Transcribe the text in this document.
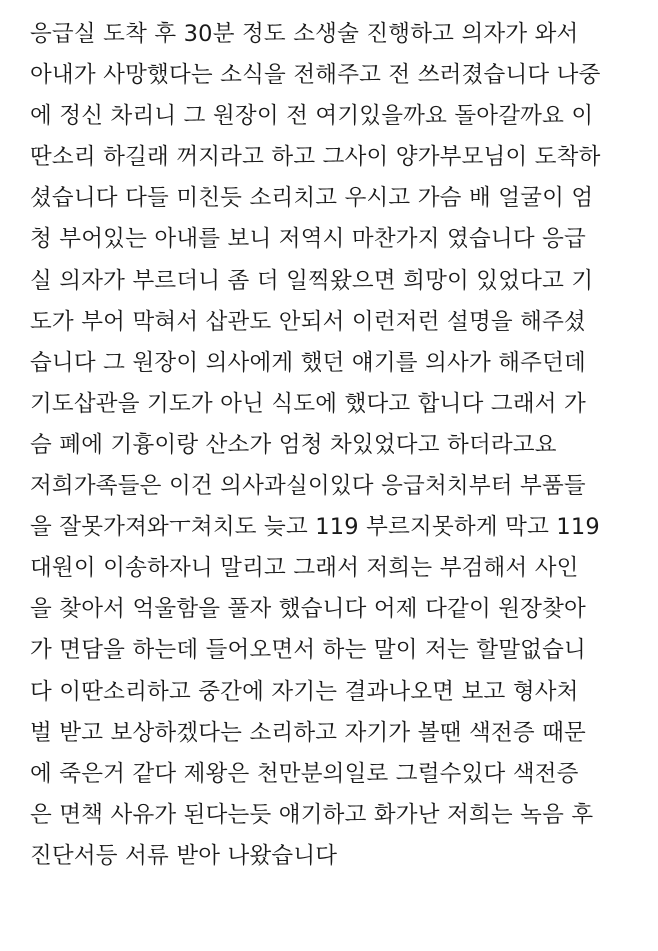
응급실 도착 후 30분 정도 소생술 진행하고 의자가 와서
아내가 사망했다는 소식을 전해주고 전 쓰러졌습니다 나중
에 정신 차리니 그 원장이 전 여기있을까요 돌아갈까요 이
딴소리 하길래 꺼지라고 하고 그사이 양가부모님이 도착하
셨습니다 다들 미친듯 소리치고 우시고 가슴 배 얼굴이 엄
청 부어있는 아내를 보니 저역시 마찬가지 였습니다 응급
실 의자가 부르더니 좀 더 일찍왔으면 희망이 있었다고 기
도가 부어 막혀서 삽관도 안되서 이런저런 설명을 해주셨
습니다 그 원장이 의사에게 했던 얘기를 의사가 해주던데
기도삽관을 기도가 아닌 식도에 했다고 합니다 그래서 가
슴 폐에 기흉이랑 산소가 엄청 차있었다고 하더라고요
저희가족들은 이건 의사과실이있다 응급처치부터 부품들
을 잘못가져와ㅜ쳐치도 늦고 119 부르지못하게 막고 119
대원이 이송하자니 말리고 그래서 저희는 부검해서 사인
을 찾아서 억울함을 풀자 했습니다 어제 다같이 원장찾아
가 면담을 하는데 들어오면서 하는 말이 저는 할말없습니
다 이딴소리하고 중간에 자기는 결과나오면 보고 형사처
벌 받고 보상하겠다는 소리하고 자기가 볼땐 색전증 때문
에 죽은거 같다 제왕은 천만분의일로 그럴수있다 색전증
은 면책 사유가 된다는듯 얘기하고 화가난 저희는 녹음 후
진단서등 서류 받아 나왔습니다
